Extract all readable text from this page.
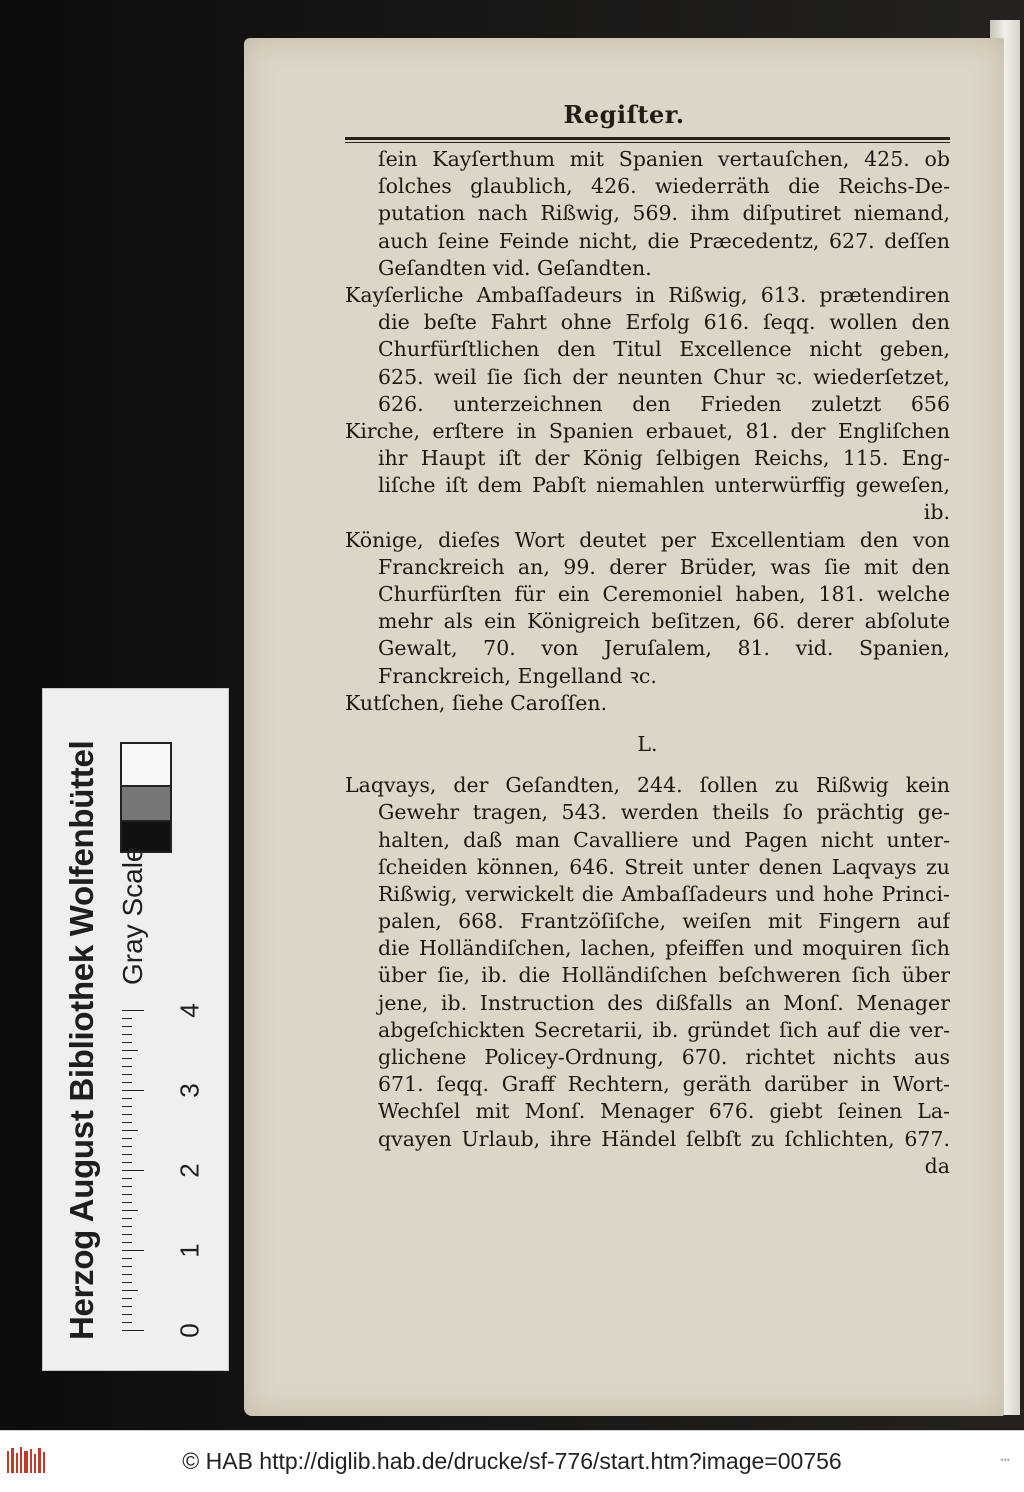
Regiſter.
ſein Kayſerthum mit Spanien vertauſchen, 425. ob
ſolches glaublich, 426. wiederräth die Reichs-De-
putation nach Rißwig, 569. ihm diſputiret niemand,
auch ſeine Feinde nicht, die Præcedentz, 627. deſſen
Geſandten vid. Geſandten.
Kayſerliche Ambaſſadeurs in Rißwig, 613. prætendiren
die beſte Fahrt ohne Erfolg 616. ſeqq. wollen den
Churfürſtlichen den Titul Excellence nicht geben,
625. weil ſie ſich der neunten Chur ꝛc. wiederſetzet,
626. unterzeichnen den Frieden zuletzt 656
Kirche, erſtere in Spanien erbauet, 81. der Engliſchen
ihr Haupt iſt der König ſelbigen Reichs, 115. Eng-
liſche iſt dem Pabſt niemahlen unterwürffig geweſen,
ib.
Könige, dieſes Wort deutet per Excellentiam den von
Franckreich an, 99. derer Brüder, was ſie mit den
Churfürſten für ein Ceremoniel haben, 181. welche
mehr als ein Königreich beſitzen, 66. derer abſolute
Gewalt, 70. von Jeruſalem, 81. vid. Spanien,
Franckreich, Engelland ꝛc.
Kutſchen, ſiehe Caroſſen.
L.
Laqvays, der Geſandten, 244. ſollen zu Rißwig kein
Gewehr tragen, 543. werden theils ſo prächtig ge-
halten, daß man Cavalliere und Pagen nicht unter-
ſcheiden können, 646. Streit unter denen Laqvays zu
Rißwig, verwickelt die Ambaſſadeurs und hohe Princi-
palen, 668. Frantzöſiſche, weiſen mit Fingern auf
die Holländiſchen, lachen, pfeiffen und moquiren ſich
über ſie, ib. die Holländiſchen beſchweren ſich über
jene, ib. Instruction des dißfalls an Monſ. Menager
abgeſchickten Secretarii, ib. gründet ſich auf die ver-
glichene Policey-Ordnung, 670. richtet nichts aus
671. ſeqq. Graff Rechtern, geräth darüber in Wort-
Wechſel mit Monſ. Menager 676. giebt ſeinen La-
qvayen Urlaub, ihre Händel ſelbſt zu ſchlichten, 677.
da
Herzog August Bibliothek Wolfenbüttel Gray Scale
0
1
2
3
4
© HAB http://diglib.hab.de/drucke/sf-776/start.htm?image=00756	•••
